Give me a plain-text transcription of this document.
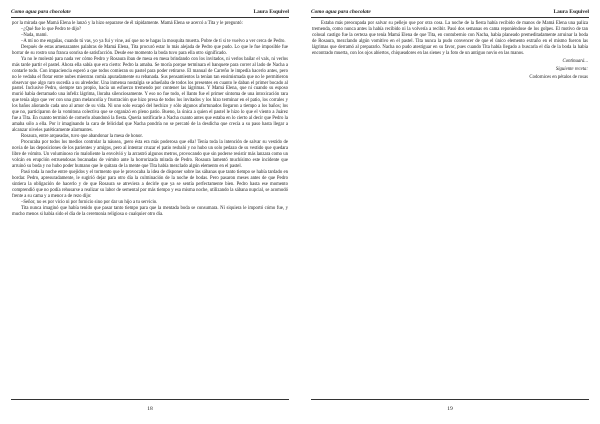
Como agua para chocolate	Laura Esquivel

por la mirada que Mamá Elena le lanzó y la hizo separarse de él rápidamente. Mamá Elena se acercó a Tita y le preguntó:

–¿Qué fue lo que Pedro te dijo?

–Nada, mami.

–A mí no me engañas, cuando tú vas, yo ya fui y vine, así que no te hagas la mosquita muerta. Pobre de ti si te vuelvo a ver cerca de Pedro.

Después de estas amenazantes palabras de Mamá Elena, Tita procuró estar lo más alejada de Pedro que pudo. Lo que le fue imposible fue borrar de su rostro una franca sonrisa de satisfacción. Desde ese momento la boda tuvo para ella otro significado.

Ya no le molestó para nada ver cómo Pedro y Rosaura iban de mesa en mesa brindando con los invitados, ni verlos bailar el vals, ni verlos más tarde partir el pastel. Ahora ella sabía que era cierto: Pedro la amaba. Se moría porque terminara el banquete para correr al lado de Nacha a contarle todo. Con impaciencia esperó a que todos comieran su pastel para poder retirarse. El manual de Carreño le impedía hacerlo antes, pero no le vedaba el flotar entre nubes mientras comía apuradamente su rebanada. Sus pensamientos la tenían tan ensimismada que no le permitieron observar que algo raro sucedía a su alrededor. Una inmensa nostalgia se adueñaba de todos los presentes en cuanto le daban el primer bocado al pastel. Inclusive Pedro, siempre tan propio, hacía un esfuerzo tremendo por contener las lágrimas. Y Mamá Elena, que ni cuando su esposo murió había derramado una infeliz lágrima, lloraba silenciosamente. Y eso no fue todo, el llanto fue el primer síntoma de una intoxicación rara que tenía algo que ver con una gran melancolía y frustración que hizo presa de todos los invitados y los hizo terminar en el patio, los corrales y los baños añorando cada uno al amor de su vida. Ni uno solo escapó del hechizo y sólo algunos afortunados llegaron a tiempo a los baños; los que no, participaron de la vomitona colectiva que se organizó en pleno patio. Bueno, la única a quien el pastel le hizo lo que el viento a Juárez fue a Tita. En cuanto terminó de comerlo abandonó la fiesta. Quería notificarle a Nacha cuanto antes que estaba en lo cierto al decir que Pedro la amaba sólo a ella. Por ir imaginando la cara de felicidad que Nacha pondría no se percató de la desdicha que crecía a su paso hasta llegar a alcanzar niveles patéticamente alarmantes.

Rosaura, entre arqueadas, tuvo que abandonar la mesa de honor.

Procuraba por todos los medios controlar la náusea, ¡pero ésta era más poderosa que ella! Tenía toda la intención de salvar su vestido de novia de las deposiciones de los parientes y amigos, pero al intentar cruzar el patio resbaló y no hubo un solo pedazo de su vestido que quedara libre de vómito. Un voluminoso río maloliente la envolvió y la arrastró algunos metros, provocando que sin poderse resistir más lanzara como un volcán en erupción estruendosas bocanadas de vómito ante la horrorizada mirada de Pedro. Rosaura lamentó muchísimo este incidente que arruinó su boda y no hubo poder humano que le quitara de la mente que Tita había mezclado algún elemento en el pastel.

Pasó toda la noche entre quejidos y el tormento que le provocaba la idea de disponer sobre las sábanas que tanto tiempo se había tardado en bordar. Pedro, apresuradamente, le sugirió dejar para otro día la culminación de la noche de bodas. Pero pasaron meses antes de que Pedro sintiera la obligación de hacerlo y de que Rosaura se atreviera a decirle que ya se sentía perfectamente bien. Pedro hasta ese momento comprendió que no podía rehusarse a realizar su labor de semental por más tiempo y esa misma noche, utilizando la sábana nupcial, se acomodó frente a su cama y a menor a de rezo dijo:

–Señor, no es por vicio ni por fornicio sino por dar un hijo a tu servicio.

Tita nunca imaginó que había tenido que pasar tanto tiempo para que la mentada boda se consumara. Ni siquiera le importó cómo fue, y mucho menos si había sido el día de la ceremonia religiosa o cualquier otro día.

18
Como agua para chocolate	Laura Esquivel

Estaba más preocupada por salvar su pellejo que por otra cosa. La noche de la fiesta había recibido de manos de Mamá Elena una paliza tremenda, como nunca antes la había recibido ni la volvería a recibir. Pasó dos semanas en cama reponiéndose de los golpes. El motivo de tan colosal castigo fue la certeza que tenía Mamá Elena de que Tita, en contubernio con Nacha, había planeado premeditadamente arruinar la boda de Rosaura, mezclando algún vomitivo en el pastel. Tita nunca la pudo convencer de que el único elemento extraño en el mismo fueron las lágrimas que derramó al prepararlo. Nacha no pudo atestiguar en su favor, pues cuando Tita había llegado a buscarla el día de la boda la había encontrado muerta, con los ojos abiertos, chiqueadores en las sienes y la foto de un antiguo novio en las manos.

Continuará...

Siguiente receta:

Codornices en pétalos de rosas

19
